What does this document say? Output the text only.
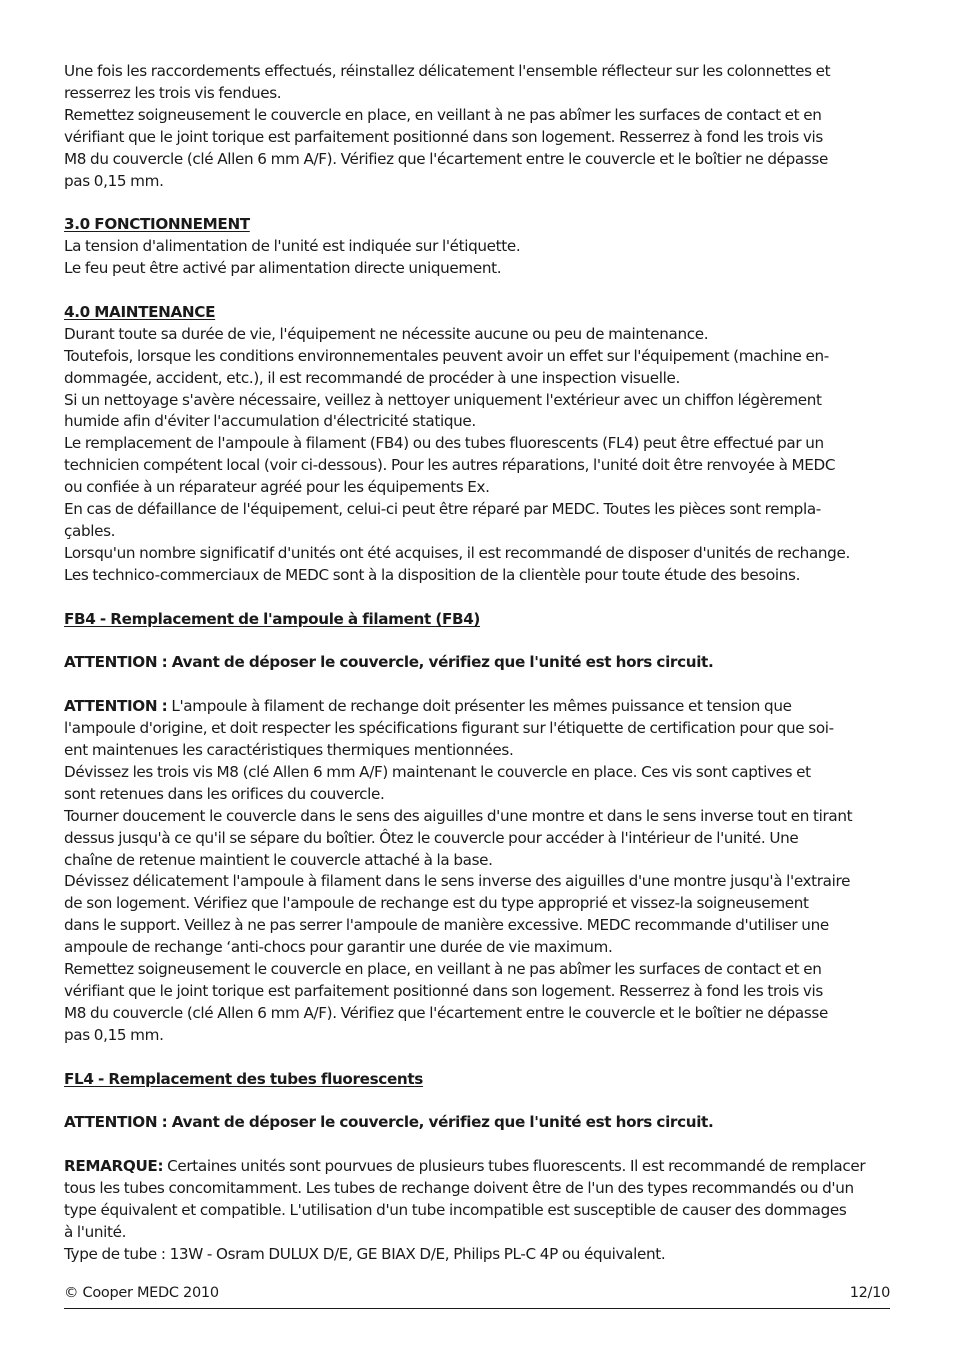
Une fois les raccordements effectués, réinstallez délicatement l'ensemble réflecteur sur les colonnettes et

resserrez les trois vis fendues.

Remettez soigneusement le couvercle en place, en veillant à ne pas abîmer les surfaces de contact et en

vérifiant que le joint torique est parfaitement positionné dans son logement. Resserrez à fond les trois vis

M8 du couvercle (clé Allen 6 mm A/F). Vérifiez que l'écartement entre le couvercle et le boîtier ne dépasse

pas 0,15 mm.

3.0 FONCTIONNEMENT

La tension d'alimentation de l'unité est indiquée sur l'étiquette.

Le feu peut être activé par alimentation directe uniquement.

4.0 MAINTENANCE

Durant toute sa durée de vie, l'équipement ne nécessite aucune ou peu de maintenance.

Toutefois, lorsque les conditions environnementales peuvent avoir un effet sur l'équipement (machine en-

dommagée, accident, etc.), il est recommandé de procéder à une inspection visuelle.

Si un nettoyage s'avère nécessaire, veillez à nettoyer uniquement l'extérieur avec un chiffon légèrement

humide afin d'éviter l'accumulation d'électricité statique.

Le remplacement de l'ampoule à filament (FB4) ou des tubes fluorescents (FL4) peut être effectué par un

technicien compétent local (voir ci-dessous). Pour les autres réparations, l'unité doit être renvoyée à MEDC

ou confiée à un réparateur agréé pour les équipements Ex.

En cas de défaillance de l'équipement, celui-ci peut être réparé par MEDC. Toutes les pièces sont rempla-

çables.

Lorsqu'un nombre significatif d'unités ont été acquises, il est recommandé de disposer d'unités de rechange.

Les technico-commerciaux de MEDC sont à la disposition de la clientèle pour toute étude des besoins.

FB4 - Remplacement de l'ampoule à filament (FB4)

ATTENTION : Avant de déposer le couvercle, vérifiez que l'unité est hors circuit.

ATTENTION : L'ampoule à filament de rechange doit présenter les mêmes puissance et tension que

l'ampoule d'origine, et doit respecter les spécifications figurant sur l'étiquette de certification pour que soi-

ent maintenues les caractéristiques thermiques mentionnées.

Dévissez les trois vis M8 (clé Allen 6 mm A/F) maintenant le couvercle en place. Ces vis sont captives et

sont retenues dans les orifices du couvercle.

Tourner doucement le couvercle dans le sens des aiguilles d'une montre et dans le sens inverse tout en tirant

dessus jusqu'à ce qu'il se sépare du boîtier. Ôtez le couvercle pour accéder à l'intérieur de l'unité. Une

chaîne de retenue maintient le couvercle attaché à la base.

Dévissez délicatement l'ampoule à filament dans le sens inverse des aiguilles d'une montre jusqu'à l'extraire

de son logement. Vérifiez que l'ampoule de rechange est du type approprié et vissez-la soigneusement

dans le support. Veillez à ne pas serrer l'ampoule de manière excessive. MEDC recommande d'utiliser une

ampoule de rechange ‘anti-chocs pour garantir une durée de vie maximum.

Remettez soigneusement le couvercle en place, en veillant à ne pas abîmer les surfaces de contact et en

vérifiant que le joint torique est parfaitement positionné dans son logement. Resserrez à fond les trois vis

M8 du couvercle (clé Allen 6 mm A/F). Vérifiez que l'écartement entre le couvercle et le boîtier ne dépasse

pas 0,15 mm.

FL4 - Remplacement des tubes fluorescents

ATTENTION : Avant de déposer le couvercle, vérifiez que l'unité est hors circuit.

REMARQUE: Certaines unités sont pourvues de plusieurs tubes fluorescents. Il est recommandé de remplacer

tous les tubes concomitamment. Les tubes de rechange doivent être de l'un des types recommandés ou d'un

type équivalent et compatible. L'utilisation d'un tube incompatible est susceptible de causer des dommages

à l'unité.

Type de tube : 13W - Osram DULUX D/E, GE BIAX D/E, Philips PL-C 4P ou équivalent.

© Cooper MEDC 2010	12/10
